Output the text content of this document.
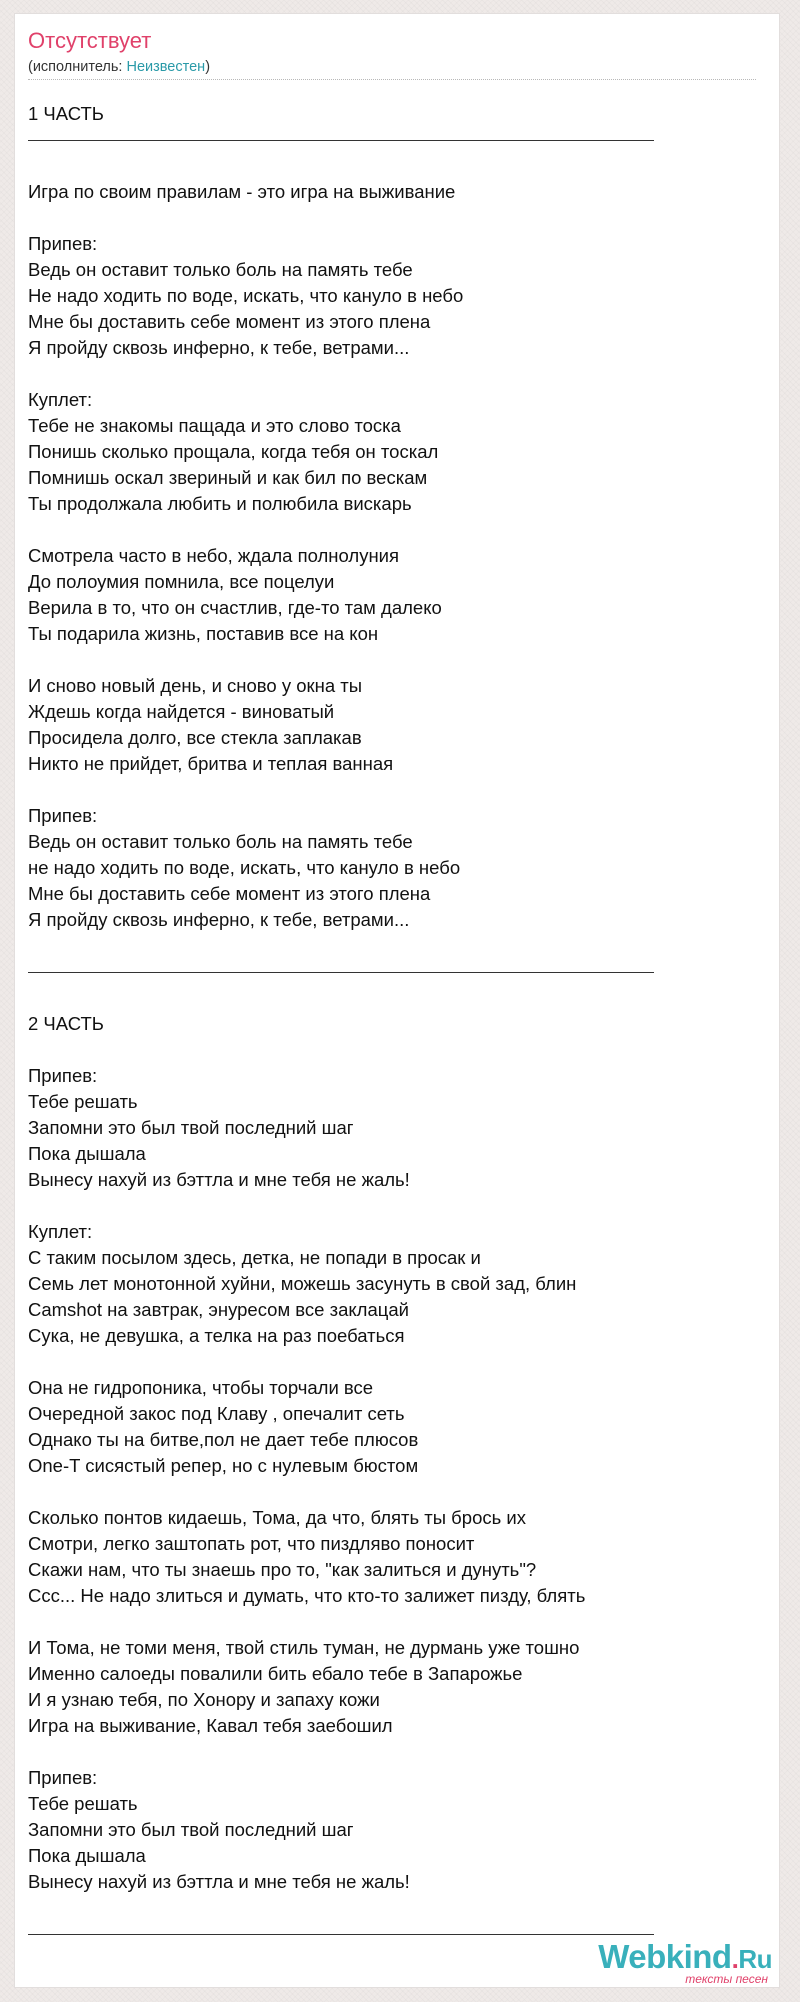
Отсутствует
(исполнитель: Неизвестен)
1 ЧАСТЬ
Игра по своим правилам - это игра на выживание
Припев:
Ведь он оставит только боль на память тебе
Не надо ходить по воде, искать, что кануло в небо
Мне бы доставить себе момент из этого плена
Я пройду сквозь инферно, к тебе, ветрами...
Куплет:
Тебе не знакомы пащада и это слово тоска
Понишь сколько прощала, когда тебя он тоскал
Помнишь оскал звериный и как бил по вескам
Ты продолжала любить и полюбила вискарь
Смотрела часто в небо, ждала полнолуния
До полоумия помнила, все поцелуи
Верила в то, что он счастлив, где-то там далеко
Ты подарила жизнь, поставив все на кон
И сново новый день, и сново у окна ты
Ждешь когда найдется - виноватый
Просидела долго, все стекла заплакав
Никто не прийдет, бритва и теплая ванная
Припев:
Ведь он оставит только боль на память тебе
не надо ходить по воде, искать, что кануло в небо
Мне бы доставить себе момент из этого плена
Я пройду сквозь инферно, к тебе, ветрами...
2 ЧАСТЬ
Припев:
Тебе решать
Запомни это был твой последний шаг
Пока дышала
Вынесу нахуй из бэттла и мне тебя не жаль!
Куплет:
С таким посылом здесь, детка, не попади в просак и
Семь лет монотонной хуйни, можешь засунуть в свой зад, блин
Camshot на завтрак, энуресом все заклацай
Сука, не девушка, а телка на раз поебаться
Она не гидропоника, чтобы торчали все
Очередной закос под Клаву , опечалит сеть
Однако ты на битве,пол не дает тебе плюсов
One-T сисястый репер, но с нулевым бюстом
Сколько понтов кидаешь, Тома, да что, блять ты брось их
Смотри, легко заштопать рот, что пиздляво поносит
Скажи нам, что ты знаешь про то, "как залиться и дунуть"?
Ссс... Не надо злиться и думать, что кто-то залижет пизду, блять
И Тома, не томи меня, твой стиль туман, не дурмань уже тошно
Именно салоеды повалили бить ебало тебе в Запарожье
И я узнаю тебя, по Хонору и запаху кожи
Игра на выживание, Кавал тебя заебошил
Припев:
Тебе решать
Запомни это был твой последний шаг
Пока дышала
Вынесу нахуй из бэттла и мне тебя не жаль!
Webkind.Ru
тексты песен
